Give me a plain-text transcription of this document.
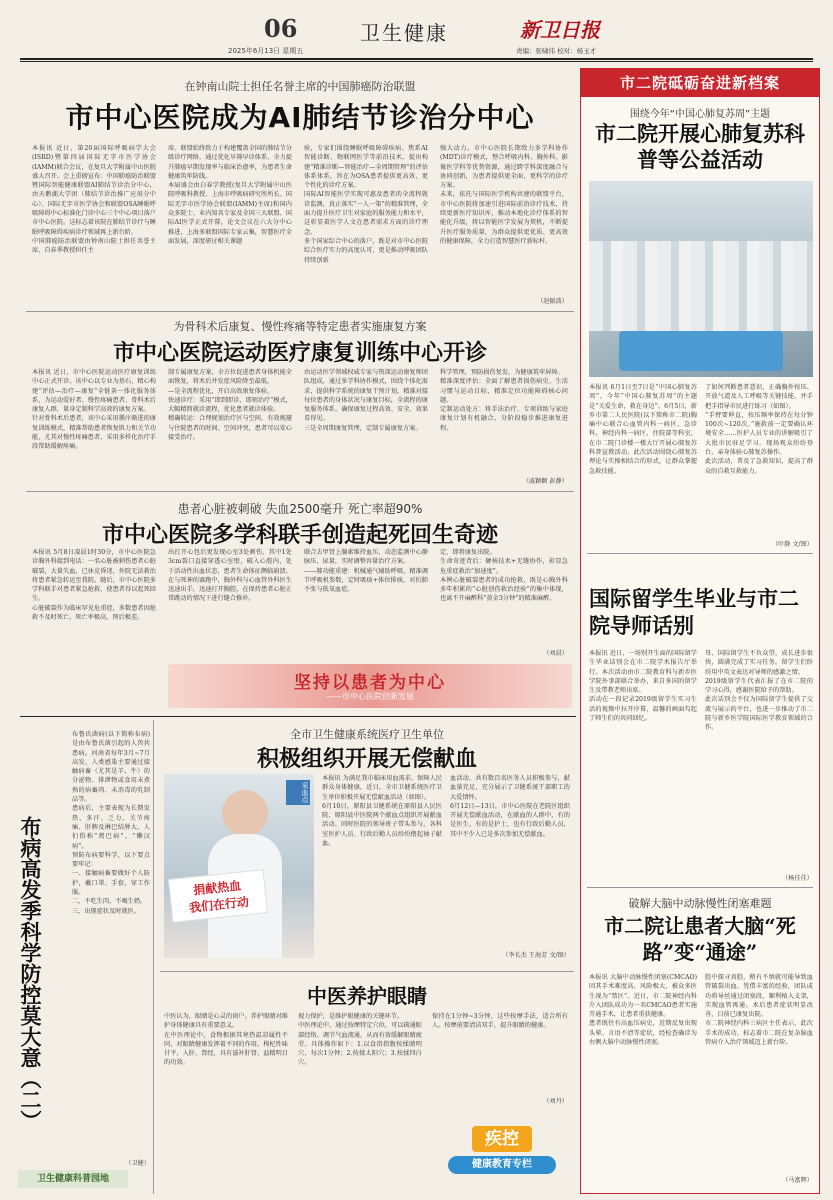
06
2025年6月13日 星期五
卫生健康	新卫日报
责编：张啸伟 校对：杨玉才
在钟南山院士担任名誉主席的中国肺癌防治联盟
市中心医院成为AI肺结节诊治分中心
本报讯 近日，第20届国际呼吸病学大会(ISRD)暨第四届国际无字市医学协会(IAMM)联合会议，在复旦大学附属中山医院盛大召开。会上重磅宣布：中国肺癌防治联盟暨国际智能健康联盟AI肺结节诊治分中心，由天鹅湖大学团（肺结节诊治推广应用分中心）、国际无字市医学协会和联盟OSA睡眠呼吸障碍中心标准化门诊中心三个中心项目落户市中心医院。这标志着该院在肺结节诊疗与睡眠呼吸障碍疾病诊疗领域再上新台阶。
中国肺癌防治联盟由钟南山院士担任名誉主席，自春季教授担任主
席。联盟始终致力于构建覆盖全国的肺结节分级诊疗网络，通过优化早筛早诊体系、全力提升肺癌早期发现率与临床治愈率，为患者生命健康筑牢防线。
本届盛会由白春学教授(复旦大学附属中山医院呼吸科教授、上海市呼吸病研究所所长、国际无字市医学协会联盟(IAMM)主席)和国内众多院士、业内知名专家及全国三大联盟、国际AI医学正式开幕，论文会议在六大分中心推进，上海多联盟国际专家云集，智慧医疗全面发展，深度研讨相关课题
验，专家们围绕睡眠呼吸障碍疾病、焦系AI智能诊断、物联网医学等前沿技术，提出构建“精准诊断—智能治疗—全周期管理”的评估体系体系，旨在为OSA患者提供更高效、更个性化的诊疗方案。
国际AI智能医学实现可惠及患者的全流程就诊监测，真正落实“一人一策”的精准管理，全面力提升医疗卫生对家庭的服务能力和水平，这彰显着医学人文在患者需求方面的诊疗理念。
多个国家综合中心的落户，既是对市中心医院综合医疗实力的高度认可，更是推动呼吸团队持续创新
强大动力。市中心医院长期致力多学科协作(MDT)诊疗模式，整合呼吸内科、胸外科、影像医学科等优势资源，通过跨学科深度融合与协同创新，为患者提供更全面、更科学的诊疗方案。
未来，依托与国际医学机构共建的联盟平台，市中心医院将加速引进国际前沿诊疗技术，持续更新医疗知识库，推动本地化诊疗体系的智能化升级，将以智能医学发展为契机，不断提升医疗服务质量，为群众提供更优质、更高效的健康保障，全力打造智慧医疗新标杆。
（赵振波）
为骨科术后康复、慢性疼痛等特定患者实施康复方案
市中心医院运动医疗康复训练中心开诊
本报讯 近日，市中心医院运动医疗康复训练中心正式开诊。该中心以专业为基石，精心构建“评估—治疗—康复”全链条一体化服务体系，为运动爱好者、慢性疼痛患者、骨科术后康复人群，量身定制科学高效的康复方案。
针对骨科术后患者，该中心采用循序渐进的康复训练模式，精准帮助患者恢复肌力和关节功能，尤其对慢性疼痛患者，采用多样化治疗手段帮助缓解疼痛。
制专属康复方案，全方位促进患者身体机能全面恢复，将术后并发症风险降至最低。
—是全流程优化，开启高效康复体验。
快速诊疗：采用“即到即诊，即刻治疗”模式，大幅精简就诊流程，优化患者就诊体验。
精确转运：合理规划治疗区与空间，有效规避与住院患者的时间、空间冲突，患者可以安心接受治疗。
由运动医学领域权威专家与资深运动康复师团队组成，通过多学科协作模式，围绕个体化需求，提供科学系统的康复干预计划，精准对接每位患者的身体状况与康复目标，全流程的康复服务体系，确保康复过程高效、安全、效果看得见。
三是全周期康复管理，定制专属康复方案。
科学管理，预防损伤复发，为健康筑牢屏障。
精准深度评估：全面了解患者损伤病史、生活习惯与运动目标，精准定位功能障碍核心问题。
定制运动处方：将手法治疗、专项训练与家庭康复计划有机融合，分阶段稳步推进康复进程。
（戚颖颖 彭静）
患者心脏被刺破 失血2500毫升 死亡率超90%
市中心医院多学科联手创造起死回生奇迹
本报讯 5月8日凌晨1时30分，市中心医院急诊胸外科接到电话：一名心脏被刺伤患者心脏破裂，大量失血，已休克昏迷，外院无法救治将患者紧急转运至我院。随后，市中心医院多学科联手对患者紧急抢救，使患者得以起死回生。
心脏破裂作为临床罕见危重症，多数患者因抢救不及时死亡，死亡率极高，预后极差。
出打开心包后更发现心室3处刺伤，其中1处3cm裂口直接穿透心室壁，破入心腔内，处于活动性出血状态，患者生命体征濒临崩溃。
在与死神的赛跑中，胸外科与心血管外科医生迅速出手，迅速打开胸腔，在保持患者心脏正常跳动的情况下进行缝合修补。
联合去甲肾上腺素维持血压，动态监测中心静脉压、尿量，实时调整容量治疗方案。
——肺功能重建：机械通气辅助呼吸，精准调节呼吸机参数，定时吸痰+体位排痰，对抗肺不张与低氧血症。
定，即将康复出院。
生命奇迹背后：硬核技术+无缝协作，彰显急危重症救治“加速度”。
本例心脏破裂患者的成功抢救，既是心胸外科多年积累的“心脏创伤救治经验”的集中体现，也离不开麻醉科“黄金3分钟”的精准麻醉。
（刘晨）
坚持以患者为中心
——市中心医院创新发展
布病高发季科学防控莫大意（二）
布鲁氏菌病(以下简称布病)是由布鲁氏菌引起的人兽共患病。河南省每年3月~7月高发，人类感染主要通过接触病畜（尤其是羊、牛）的分泌物、排泄物或食用未煮熟的病畜肉、未消毒的乳制品等。
患病后，主要表现为长期发热、多汗、乏力、关节疼痛、肝脾及淋巴结肿大，人们俗称“蔫巴病”、“懒汉病”。
预防布病要科学，以下要点要牢记：
一、接触病畜要做好个人防护，戴口罩、手套，穿工作服。
二、不吃生肉、不喝生奶。
三、出现症状及时就医。
（卫健）
卫生健康科普园地
全市卫生健康系统医疗卫生单位
积极组织开展无偿献血
采血点
捐献热血
我们在行动
本报讯 为满足我市临床用血需求，保障人民群众身体健康，近日，全市卫健系统医疗卫生单位积极开展无偿献血活动（如图）。
6月10日，原阳县卫健系统在原阳县人民医院、原阳县中医院两个献血点组织开展献血活动。同时医院的领导班子带头参与，各科室医护人员、行政后勤人员纷纷撸起袖子献血。
血活动，共有数百名医务人员积极参与，献血量充足，充分展示了卫健系统干部职工的大爱情怀。
6月12日—13日，市中心医院在老院区组织开展无偿献血活动，在献血的人群中，有的是医生，有的是护士，也有行政后勤人员，其中不少人已是多次参加无偿献血。
（李长杰 王海芳 文/图）
中医养护眼睛
中医认为，眼睛是心灵的窗户。养护眼睛对维护身体健康具有重要意义。
在中医理论中，食物根据其寒热温凉属性不同，对眼睛健康发挥着不同的作用。枸杞性味甘平，入肝、肾经，具有滋补肝肾、益精明目的功效。
视力保护，是维护眼健康的关键环节。
中医理论中，通过按摩特定穴位，可以疏通眼部经络、调节气血流通，从而有效缓解眼睛疲劳。具体操作如下：1.以食指指腹按揉睛明穴，每次1分钟；2.按揉太阳穴；3.按揉四白穴。
保持在1分钟~3分钟，这些按摩手法，适合所有人。按摩前要清洁双手，提升眼睛的健康。
（刘丹）
疾控
健康教育专栏
市二院砥砺奋进新档案
围绕今年“中国心肺复苏周”主题
市二院开展心肺复苏科普等公益活动
本报讯 6月1日至7日是“中国心肺复苏周”，今年“中国心肺复苏周”的主题是“关爱生命，救在身边”。6月5日，新乡市第二人民医院(以下简称市二院)胸痛中心联合心血管内科一病区，急诊科，神经内科一病区、住院部等科室，在市二院门诊楼一楼大厅开展心肺复苏科普宣教活动。此次活动围绕心肺复苏理论与实操相结合的形式，让群众掌握急救技能。
了如何判断患者意识，正确胸外按压、开放气道及人工呼吸等关键技能，并手把手指导市民进行练习（如图）。
“手臂要伸直，按压频率保持在每分钟100次~120次。”施救前一定要确认环境安全……医护人员专业的讲解吸引了大批市民驻足学习。现场观众纷纷登台，亲身体验心肺复苏操作。
此次活动，普及了急救知识，提高了群众的自救互救能力。
（叶静 文/图）
国际留学生毕业与市二院导师话别
本报讯 近日，一场别开生面的国际留学生毕业话别会在市二院学术报告厅举行。本次活动由市二院教育科与新乡医学院外事部联合举办，来自多国的留学生及带教老师出席。
活动在一段记录2019级留学生实习生活的视频中拉开序幕，温馨的画面勾起了师生们的共同回忆。
母、国际留学生不负众望，成长进步很快，圆满完成了实习任务。留学生们纷纷用中英文表达对导师的感激之情。
2019级留学生代表汇报了在市二院的学习心得，感谢医院给予的帮助。
此次话别会不仅为国际留学生提供了交流与展示的平台，也进一步推动了市二院与新乡医学院国际医学教育领域的合作。
（杨佳佳）
破解大脑中动脉慢性闭塞难题
市二院让患者大脑“死路”变“通途”
本报讯 大脑中动脉慢性闭塞(CMCAO)因其手术难度高、风险极大，被众多医生视为“禁区”。近日，市二院神经内科介入团队成功为一名CMCAO患者实施开通手术，让患者重获健康。
患者既往有高血压病史，近期反复出现头晕、言语不清等症状，经检查确诊为右侧大脑中动脉慢性闭塞。
腔中探寻真腔，稍有不慎就可能导致血管破裂出血。凭借丰富的经验，团队成功将导丝通过闭塞段，顺利植入支架，实现血管再通。术后患者症状明显改善，目前已康复出院。
市二院神经内科三病区主任表示，此次手术的成功，标志着市二院在复杂脑血管病介入治疗领域迈上新台阶。
（马富辉）
